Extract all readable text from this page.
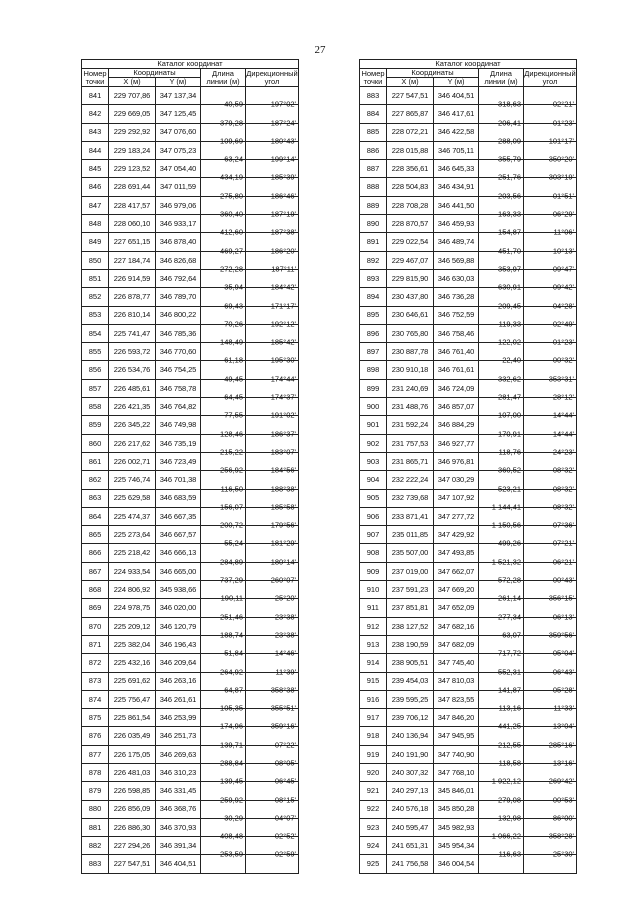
27
Каталог координат				
Номер точки	Координаты		Длина линии (м)	Дирекционный угол
	X (м)	Y (м)		
841	229 707,86	347 137,34	40,59	197°02'

842	229 669,05	347 125,45	379,28	187°24'

843	229 292,92	347 076,60	109,69	180°43'

844	229 183,24	347 075,23	63,24	199°14'

845	229 123,52	347 054,40	434,19	185°39'

846	228 691,44	347 011,59	275,80	186°46'

847	228 417,57	346 979,06	360,40	187°19'

848	228 060,10	346 933,17	412,60	187°38'

849	227 651,15	346 878,40	469,27	186°20'

850	227 184,74	346 826,68	272,28	187°11'

851	226 914,59	346 792,64	35,94	184°42'

852	226 878,77	346 789,70	69,43	171°17'

853	226 810,14	346 800,22	70,26	192°12'

854	225 741,47	346 785,36	148,49	185°42'

855	226 593,72	346 770,60	61,18	195°30'

856	226 534,76	346 754,25	49,45	174°44'

857	226 485,61	346 758,78	64,45	174°37'

858	226 421,35	346 764,82	77,55	191°02'

859	226 345,22	346 749,98	128,46	186°37'

860	226 217,62	346 735,19	215,22	183°07'

861	226 002,71	346 723,49	256,92	184°56'

862	225 746,74	346 701,38	116,50	188°38'

863	225 629,58	346 683,59	156,07	185°58'

864	225 474,37	346 667,35	200,72	179°56'

865	225 273,64	346 667,57	55,24	181°29'

866	225 218,42	346 666,13	284,89	180°14'

867	224 933,54	346 665,00	737,29	260°07'

868	224 806,92	345 938,66	190,11	25°20'

869	224 978,75	346 020,00	251,46	23°38'

870	225 209,12	346 120,79	188,74	23°38'

871	225 382,04	346 196,43	51,84	14°46'

872	225 432,16	346 209,64	264,92	11°39'

873	225 691,62	346 263,16	64,87	358°38'

874	225 756,47	346 261,61	105,35	355°51'

875	225 861,54	346 253,99	174,96	359°16'

876	226 035,49	346 251,73	139,71	07°22'

877	226 175,05	346 269,63	288,84	08°05'

878	226 481,03	346 310,23	139,45	06°45'

879	226 598,85	346 331,45	259,92	08°15'

880	226 856,09	346 368,76	30,29	04°07'

881	226 886,30	346 370,93	408,48	02°52'

882	227 294,26	346 391,34	253,59	02°59'

883	227 547,51	346 404,51		
Каталог координат				
Номер точки	Координаты		Длина линии (м)	Дирекционный угол
	X (м)	Y (м)		
883	227 547,51	346 404,51	318,63	02°21'

884	227 865,87	346 417,61	206,41	01°23'

885	228 072,21	346 422,58	288,09	101°17'

886	228 015,88	346 705,11	355,79	350°20'

887	228 356,61	346 645,33	251,76	303°19'

888	228 504,83	346 434,91	203,56	01°51'

889	228 708,28	346 441,50	163,33	06°29'

890	228 870,57	346 459,93	154,87	11°06'

891	229 022,54	346 489,74	451,70	10°13'

892	229 467,07	346 569,88	353,97	09°47'

893	229 815,90	346 630,03	630,91	09°42'

894	230 437,80	346 736,28	209,45	04°28'

895	230 646,61	346 752,59	119,33	02°49'

896	230 765,80	346 758,46	122,02	01°23'

897	230 887,78	346 761,40	22,40	00°32'

898	230 910,18	346 761,61	332,62	353°31'

899	231 240,69	346 724,09	281,47	28°12'

900	231 488,76	346 857,07	107,00	14°44'

901	231 592,24	346 884,29	170,91	14°44'

902	231 757,53	346 927,77	118,76	24°23'

903	231 865,71	346 976,81	360,52	08°32'

904	232 222,24	347 030,29	523,21	08°32'

905	232 739,68	347 107,92	1 144,41	08°32'

906	233 871,41	347 277,72	1 150,56	07°36'

907	235 011,85	347 429,92	499,26	07°21'

908	235 507,00	347 493,85	1 521,32	06°21'

909	237 019,00	347 662,07	572,28	00°43'

910	237 591,23	347 669,20	261,14	356°15'

911	237 851,81	347 652,09	277,34	06°13'

912	238 127,52	347 682,16	63,07	359°56'

913	238 190,59	347 682,09	717,72	05°04'

914	238 905,51	347 745,40	552,31	06°43'

915	239 454,03	347 810,03	141,87	05°28'

916	239 595,25	347 823,55	113,16	11°33'

917	239 706,12	347 846,20	441,25	13°04'

918	240 136,94	347 945,95	212,55	285°16'

919	240 191,90	347 740,90	118,58	13°16'

920	240 307,32	347 768,10	1 922,12	269°42'

921	240 297,13	345 846,01	279,08	00°53'

922	240 576,18	345 850,28	132,98	86°00'

923	240 595,47	345 982,93	1 066,22	358°28'

924	241 651,31	345 954,34	116,63	25°30'

925	241 756,58	346 004,54		
